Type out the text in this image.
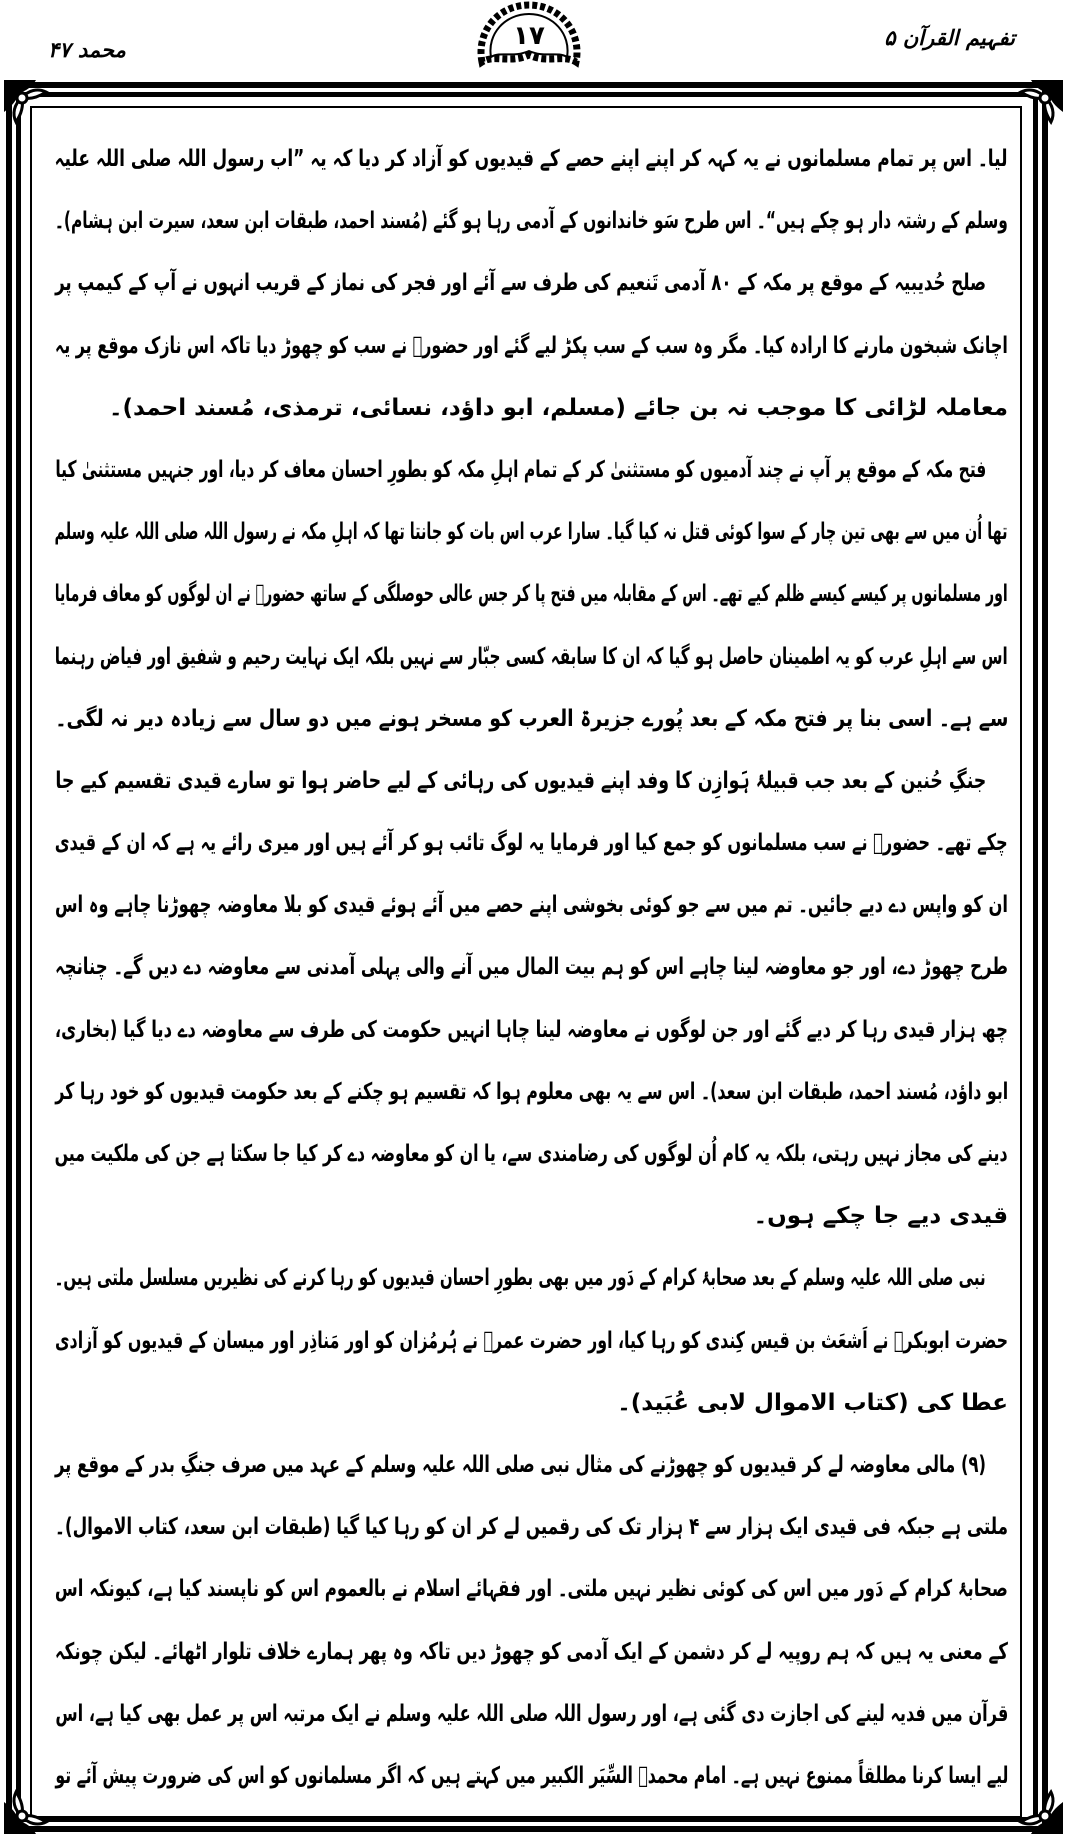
تفہیم القرآن ۵
محمد ۴۷	۱۷
لیا۔ اس پر تمام مسلمانوں نے یہ کہہ کر اپنے اپنے حصے کے قیدیوں کو آزاد کر دیا کہ یہ ”اب رسول اللہ صلی اللہ علیہ
وسلم کے رشتہ دار ہو چکے ہیں“۔ اس طرح سَو خاندانوں کے آدمی رہا ہو گئے (مُسند احمد، طبقات ابن سعد، سیرت ابن ہشام)۔
صلح حُدیبیہ کے موقع پر مکہ کے ۸۰ آدمی تَنعیم کی طرف سے آئے اور فجر کی نماز کے قریب انہوں نے آپ کے کیمپ پر
اچانک شبخون مارنے کا ارادہ کیا۔ مگر وہ سب کے سب پکڑ لیے گئے اور حضورؐ نے سب کو چھوڑ دیا تاکہ اس نازک موقع پر یہ
معاملہ لڑائی کا موجب نہ بن جائے (مسلم، ابو داؤد، نسائی، ترمذی، مُسند احمد)۔
فتح مکہ کے موقع پر آپ نے چند آدمیوں کو مستثنیٰ کر کے تمام اہلِ مکہ کو بطورِ احسان معاف کر دیا، اور جنہیں مستثنیٰ کیا
تھا اُن میں سے بھی تین چار کے سوا کوئی قتل نہ کیا گیا۔ سارا عرب اس بات کو جانتا تھا کہ اہلِ مکہ نے رسول اللہ صلی اللہ علیہ وسلم
اور مسلمانوں پر کیسے کیسے ظلم کیے تھے۔ اس کے مقابلہ میں فتح پا کر جس عالی حوصلگی کے ساتھ حضورؐ نے ان لوگوں کو معاف فرمایا
اس سے اہلِ عرب کو یہ اطمینان حاصل ہو گیا کہ ان کا سابقہ کسی جبّار سے نہیں بلکہ ایک نہایت رحیم و شفیق اور فیاض رہنما
سے ہے۔ اسی بنا پر فتح مکہ کے بعد پُورے جزیرۃ العرب کو مسخر ہونے میں دو سال سے زیادہ دیر نہ لگی۔
جنگِ حُنین کے بعد جب قبیلۂ ہَوازِن کا وفد اپنے قیدیوں کی رہائی کے لیے حاضر ہوا تو سارے قیدی تقسیم کیے جا
چکے تھے۔ حضورؐ نے سب مسلمانوں کو جمع کیا اور فرمایا یہ لوگ تائب ہو کر آئے ہیں اور میری رائے یہ ہے کہ ان کے قیدی
ان کو واپس دے دیے جائیں۔ تم میں سے جو کوئی بخوشی اپنے حصے میں آئے ہوئے قیدی کو بلا معاوضہ چھوڑنا چاہے وہ اس
طرح چھوڑ دے، اور جو معاوضہ لینا چاہے اس کو ہم بیت المال میں آنے والی پہلی آمدنی سے معاوضہ دے دیں گے۔ چنانچہ
چھ ہزار قیدی رہا کر دیے گئے اور جن لوگوں نے معاوضہ لینا چاہا انہیں حکومت کی طرف سے معاوضہ دے دیا گیا (بخاری،
ابو داؤد، مُسند احمد، طبقات ابن سعد)۔ اس سے یہ بھی معلوم ہوا کہ تقسیم ہو چکنے کے بعد حکومت قیدیوں کو خود رہا کر
دینے کی مجاز نہیں رہتی، بلکہ یہ کام اُن لوگوں کی رضامندی سے، یا ان کو معاوضہ دے کر کیا جا سکتا ہے جن کی ملکیت میں
قیدی دیے جا چکے ہوں۔
نبی صلی اللہ علیہ وسلم کے بعد صحابۂ کرام کے دَور میں بھی بطورِ احسان قیدیوں کو رہا کرنے کی نظیریں مسلسل ملتی ہیں۔
حضرت ابوبکرؓ نے اَشعَث بن قیس کِندی کو رہا کیا، اور حضرت عمرؓ نے ہُرمُزان کو اور مَناذِر اور میسان کے قیدیوں کو آزادی
عطا کی (کتاب الاموال لابی عُبَید)۔
(۹) مالی معاوضہ لے کر قیدیوں کو چھوڑنے کی مثال نبی صلی اللہ علیہ وسلم کے عہد میں صرف جنگِ بدر کے موقع پر
ملتی ہے جبکہ فی قیدی ایک ہزار سے ۴ ہزار تک کی رقمیں لے کر ان کو رہا کیا گیا (طبقات ابن سعد، کتاب الاموال)۔
صحابۂ کرام کے دَور میں اس کی کوئی نظیر نہیں ملتی۔ اور فقہائے اسلام نے بالعموم اس کو ناپسند کیا ہے، کیونکہ اس
کے معنی یہ ہیں کہ ہم روپیہ لے کر دشمن کے ایک آدمی کو چھوڑ دیں تاکہ وہ پھر ہمارے خلاف تلوار اٹھائے۔ لیکن چونکہ
قرآن میں فدیہ لینے کی اجازت دی گئی ہے، اور رسول اللہ صلی اللہ علیہ وسلم نے ایک مرتبہ اس پر عمل بھی کیا ہے، اس
لیے ایسا کرنا مطلقاً ممنوع نہیں ہے۔ امام محمدؒ السِّیَر الکبیر میں کہتے ہیں کہ اگر مسلمانوں کو اس کی ضرورت پیش آئے تو
